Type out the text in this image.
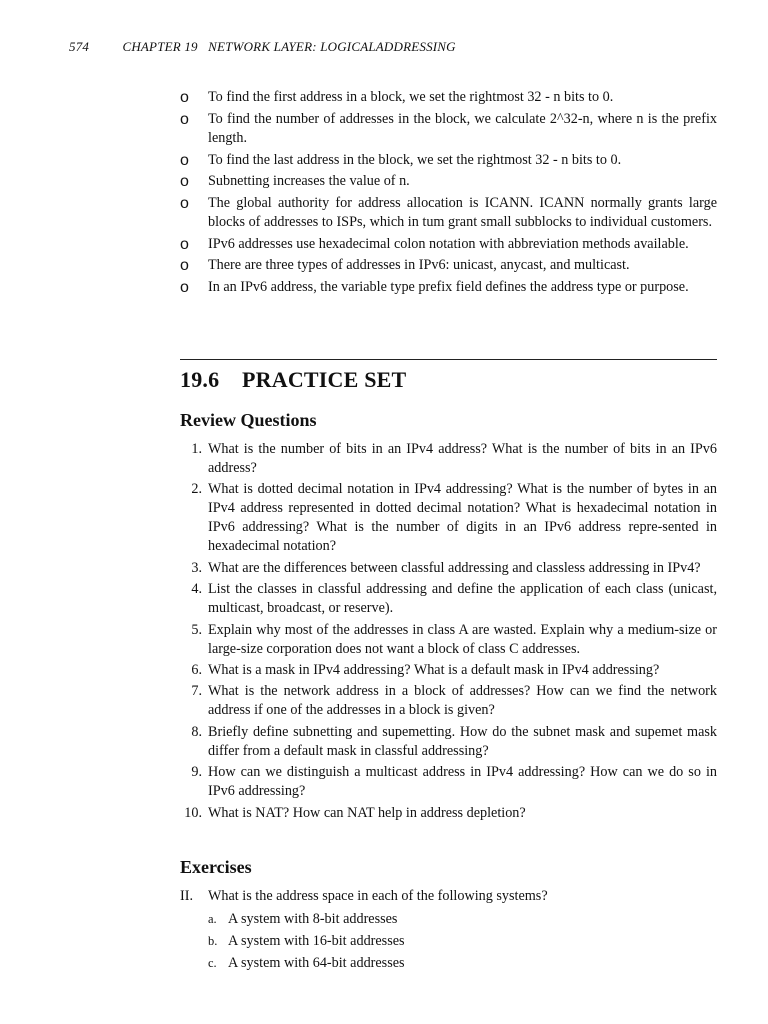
574	CHAPTER 19 NETWORK LAYER: LOGICALADDRESSING
o To find the first address in a block, we set the rightmost 32 - n bits to 0.
o To find the number of addresses in the block, we calculate 2^32-n, where n is the prefix length.
o To find the last address in the block, we set the rightmost 32 - n bits to 0.
o Subnetting increases the value of n.
o The global authority for address allocation is ICANN. ICANN normally grants large blocks of addresses to ISPs, which in tum grant small subblocks to individual customers.
o IPv6 addresses use hexadecimal colon notation with abbreviation methods available.
o There are three types of addresses in IPv6: unicast, anycast, and multicast.
o In an IPv6 address, the variable type prefix field defines the address type or purpose.
19.6 PRACTICE SET
Review Questions
1. What is the number of bits in an IPv4 address? What is the number of bits in an IPv6 address?
2. What is dotted decimal notation in IPv4 addressing? What is the number of bytes in an IPv4 address represented in dotted decimal notation? What is hexadecimal notation in IPv6 addressing? What is the number of digits in an IPv6 address repre-sented in hexadecimal notation?
3. What are the differences between classful addressing and classless addressing in IPv4?
4. List the classes in classful addressing and define the application of each class (unicast, multicast, broadcast, or reserve).
5. Explain why most of the addresses in class A are wasted. Explain why a medium-size or large-size corporation does not want a block of class C addresses.
6. What is a mask in IPv4 addressing? What is a default mask in IPv4 addressing?
7. What is the network address in a block of addresses? How can we find the network address if one of the addresses in a block is given?
8. Briefly define subnetting and supemetting. How do the subnet mask and supemet mask differ from a default mask in classful addressing?
9. How can we distinguish a multicast address in IPv4 addressing? How can we do so in IPv6 addressing?
10. What is NAT? How can NAT help in address depletion?
Exercises
II. What is the address space in each of the following systems?
a. A system with 8-bit addresses
b. A system with 16-bit addresses
c. A system with 64-bit addresses
